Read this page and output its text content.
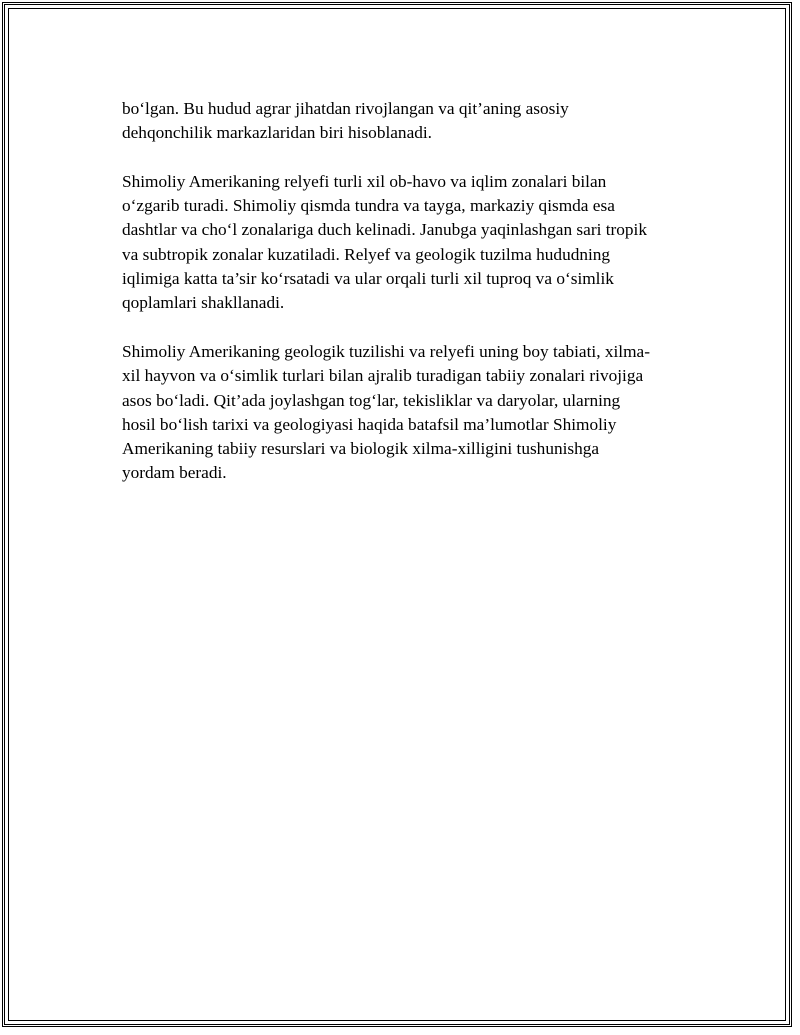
bo‘lgan. Bu hudud agrar jihatdan rivojlangan va qit’aning asosiy
dehqonchilik markazlaridan biri hisoblanadi.

Shimoliy Amerikaning relyefi turli xil ob-havo va iqlim zonalari bilan
o‘zgarib turadi. Shimoliy qismda tundra va tayga, markaziy qismda esa
dashtlar va cho‘l zonalariga duch kelinadi. Janubga yaqinlashgan sari tropik
va subtropik zonalar kuzatiladi. Relyef va geologik tuzilma hududning
iqlimiga katta ta’sir ko‘rsatadi va ular orqali turli xil tuproq va o‘simlik
qoplamlari shakllanadi.

Shimoliy Amerikaning geologik tuzilishi va relyefi uning boy tabiati, xilma-
xil hayvon va o‘simlik turlari bilan ajralib turadigan tabiiy zonalari rivojiga
asos bo‘ladi. Qit’ada joylashgan tog‘lar, tekisliklar va daryolar, ularning
hosil bo‘lish tarixi va geologiyasi haqida batafsil ma’lumotlar Shimoliy
Amerikaning tabiiy resurslari va biologik xilma-xilligini tushunishga
yordam beradi.
